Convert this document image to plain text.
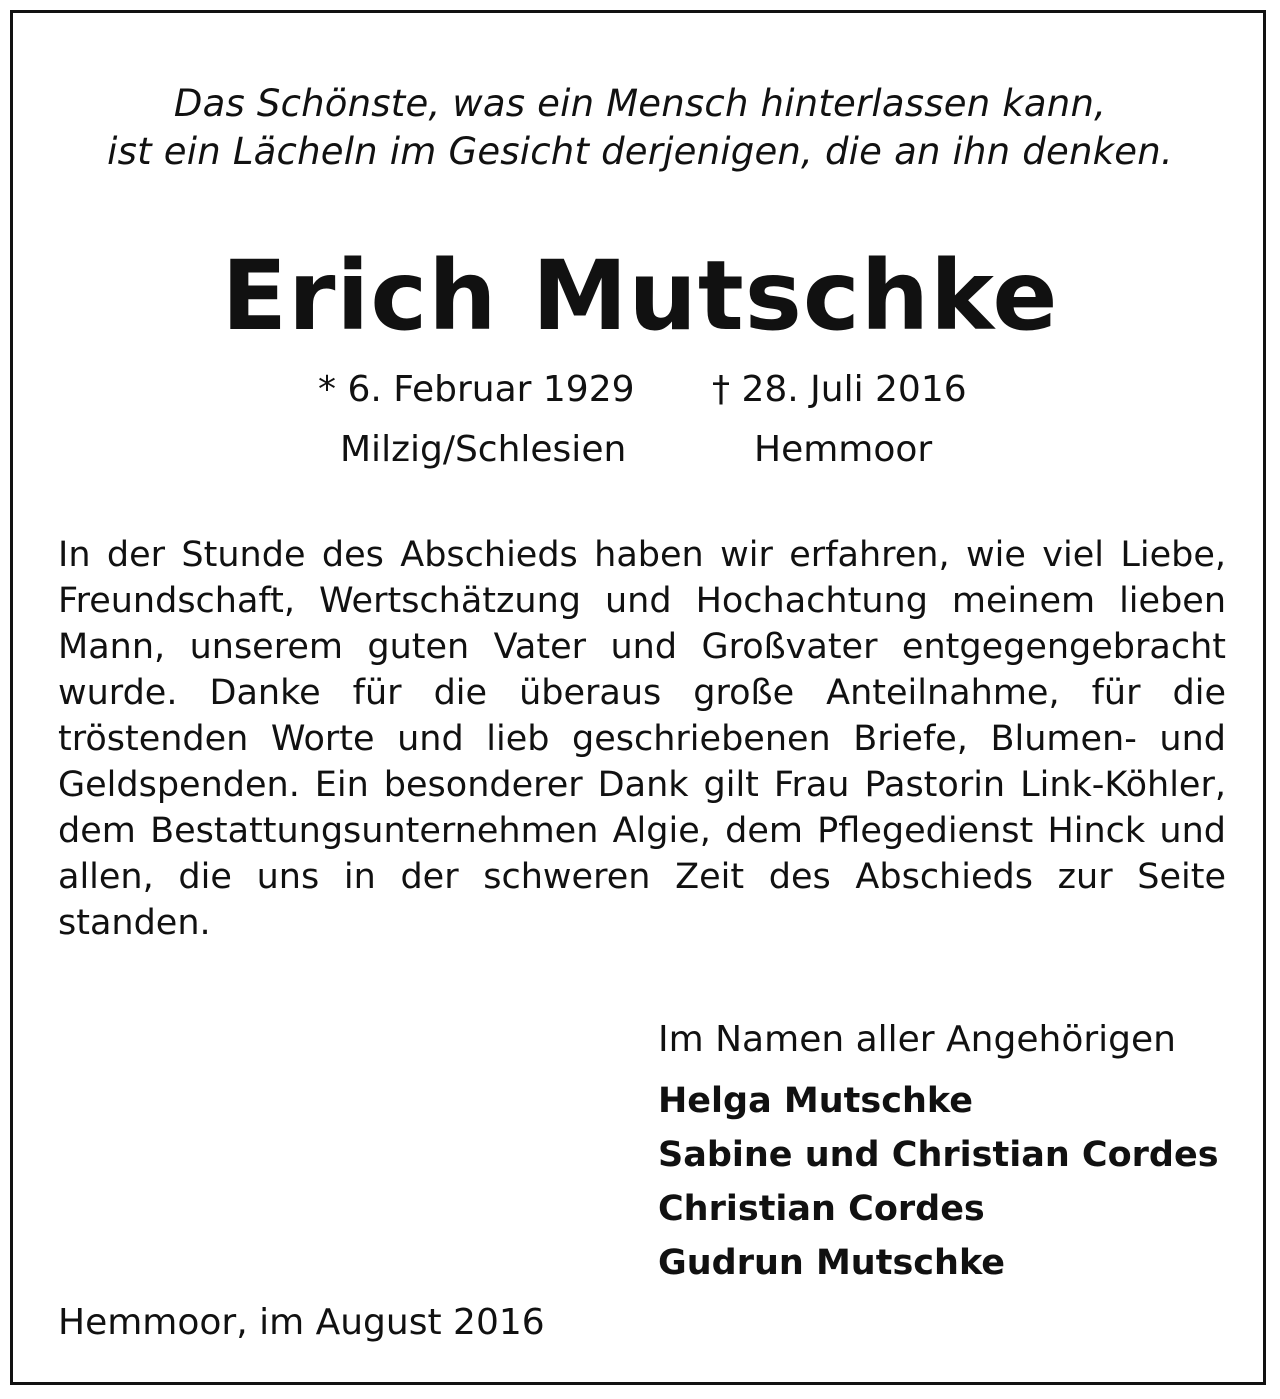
Das Schönste, was ein Mensch hinterlassen kann,
ist ein Lächeln im Gesicht derjenigen, die an ihn denken.
Erich Mutschke
* 6. Februar 1929
Milzig/Schlesien
† 28. Juli 2016
Hemmoor
In der Stunde des Abschieds haben wir erfahren, wie viel Liebe, Freundschaft, Wertschätzung und Hochachtung meinem lieben Mann, unserem guten Vater und Großvater entgegengebracht wurde. Danke für die überaus große Anteilnahme, für die tröstenden Worte und lieb geschriebenen Briefe, Blumen- und Geldspenden. Ein besonderer Dank gilt Frau Pastorin Link-Köhler, dem Bestattungsunternehmen Algie, dem Pflegedienst Hinck und allen, die uns in der schweren Zeit des Abschieds zur Seite standen.
Im Namen aller Angehörigen
Helga Mutschke
Sabine und Christian Cordes
Christian Cordes
Gudrun Mutschke
Hemmoor, im August 2016
